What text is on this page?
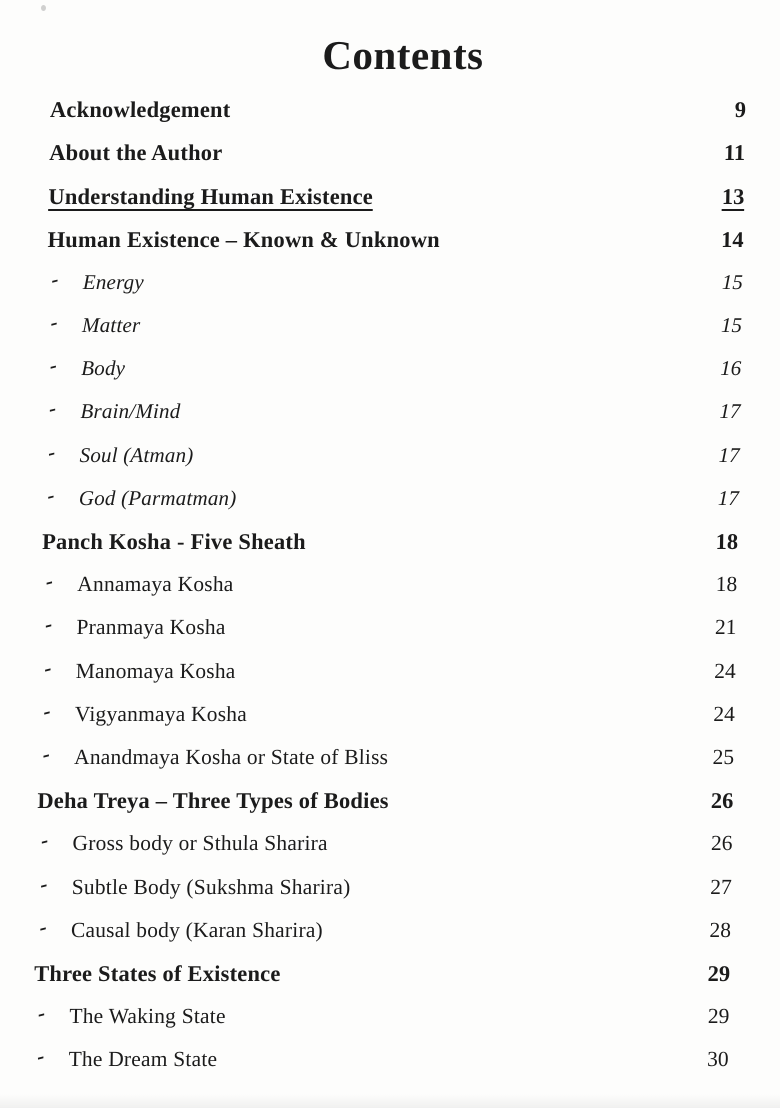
Contents
Acknowledgement	9
About the Author	11
Understanding Human Existence	13
Human Existence – Known & Unknown	14
-	Energy	15
-	Matter	15
-	Body	16
-	Brain/Mind	17
-	Soul (Atman)	17
-	God (Parmatman)	17
Panch Kosha - Five Sheath	18
-	Annamaya Kosha	18
-	Pranmaya Kosha	21
-	Manomaya Kosha	24
-	Vigyanmaya Kosha	24
-	Anandmaya Kosha or State of Bliss	25
Deha Treya – Three Types of Bodies	26
-	Gross body or Sthula Sharira	26
-	Subtle Body (Sukshma Sharira)	27
-	Causal body (Karan Sharira)	28
Three States of Existence	29
-	The Waking State	29
-	The Dream State	30
